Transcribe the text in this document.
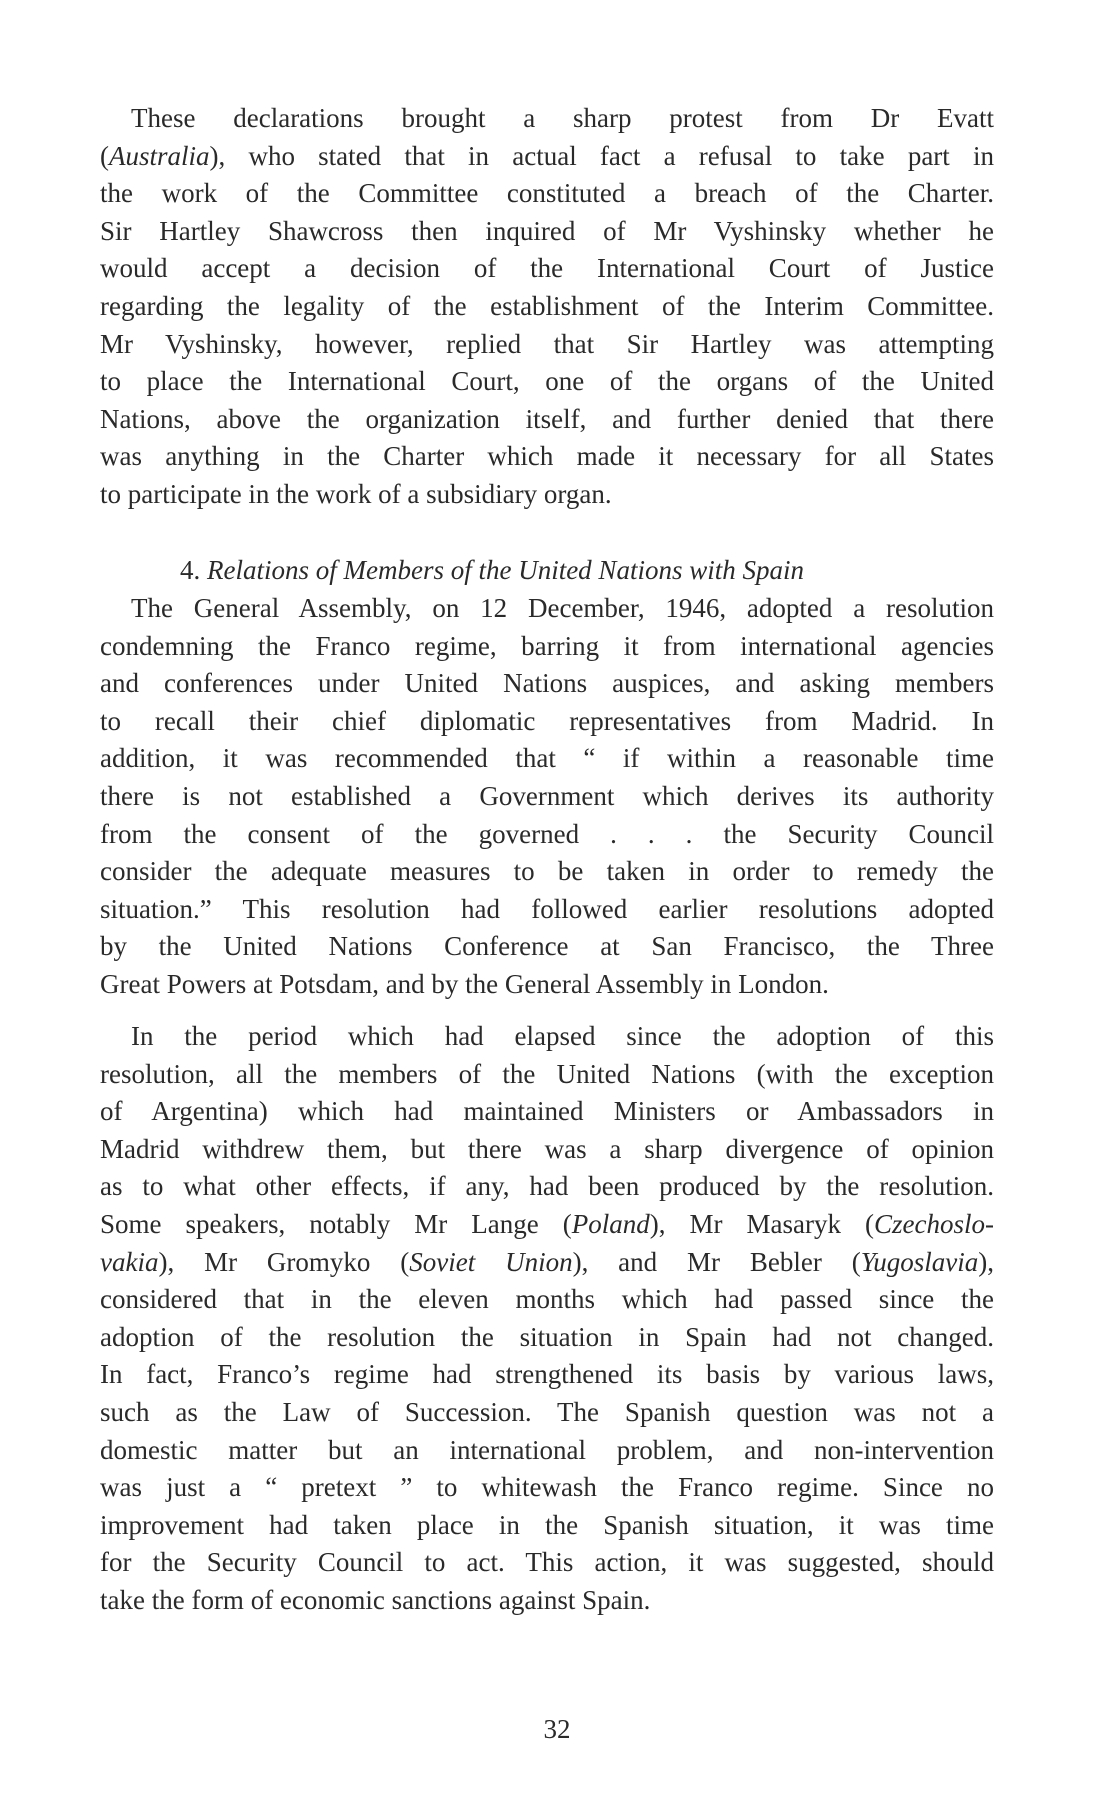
These declarations brought a sharp protest from Dr Evatt
(Australia), who stated that in actual fact a refusal to take part in
the work of the Committee constituted a breach of the Charter.
Sir Hartley Shawcross then inquired of Mr Vyshinsky whether he
would accept a decision of the International Court of Justice
regarding the legality of the establishment of the Interim Committee.
Mr Vyshinsky, however, replied that Sir Hartley was attempting
to place the International Court, one of the organs of the United
Nations, above the organization itself, and further denied that there
was anything in the Charter which made it necessary for all States
to participate in the work of a subsidiary organ.
4. Relations of Members of the United Nations with Spain
The General Assembly, on 12 December, 1946, adopted a resolution
condemning the Franco regime, barring it from international agencies
and conferences under United Nations auspices, and asking members
to recall their chief diplomatic representatives from Madrid. In
addition, it was recommended that “ if within a reasonable time
there is not established a Government which derives its authority
from the consent of the governed . . . the Security Council
consider the adequate measures to be taken in order to remedy the
situation.” This resolution had followed earlier resolutions adopted
by the United Nations Conference at San Francisco, the Three
Great Powers at Potsdam, and by the General Assembly in London.
In the period which had elapsed since the adoption of this
resolution, all the members of the United Nations (with the exception
of Argentina) which had maintained Ministers or Ambassadors in
Madrid withdrew them, but there was a sharp divergence of opinion
as to what other effects, if any, had been produced by the resolution.
Some speakers, notably Mr Lange (Poland), Mr Masaryk (Czechoslo-
vakia), Mr Gromyko (Soviet Union), and Mr Bebler (Yugoslavia),
considered that in the eleven months which had passed since the
adoption of the resolution the situation in Spain had not changed.
In fact, Franco’s regime had strengthened its basis by various laws,
such as the Law of Succession. The Spanish question was not a
domestic matter but an international problem, and non-intervention
was just a “ pretext ” to whitewash the Franco regime. Since no
improvement had taken place in the Spanish situation, it was time
for the Security Council to act. This action, it was suggested, should
take the form of economic sanctions against Spain.
32
